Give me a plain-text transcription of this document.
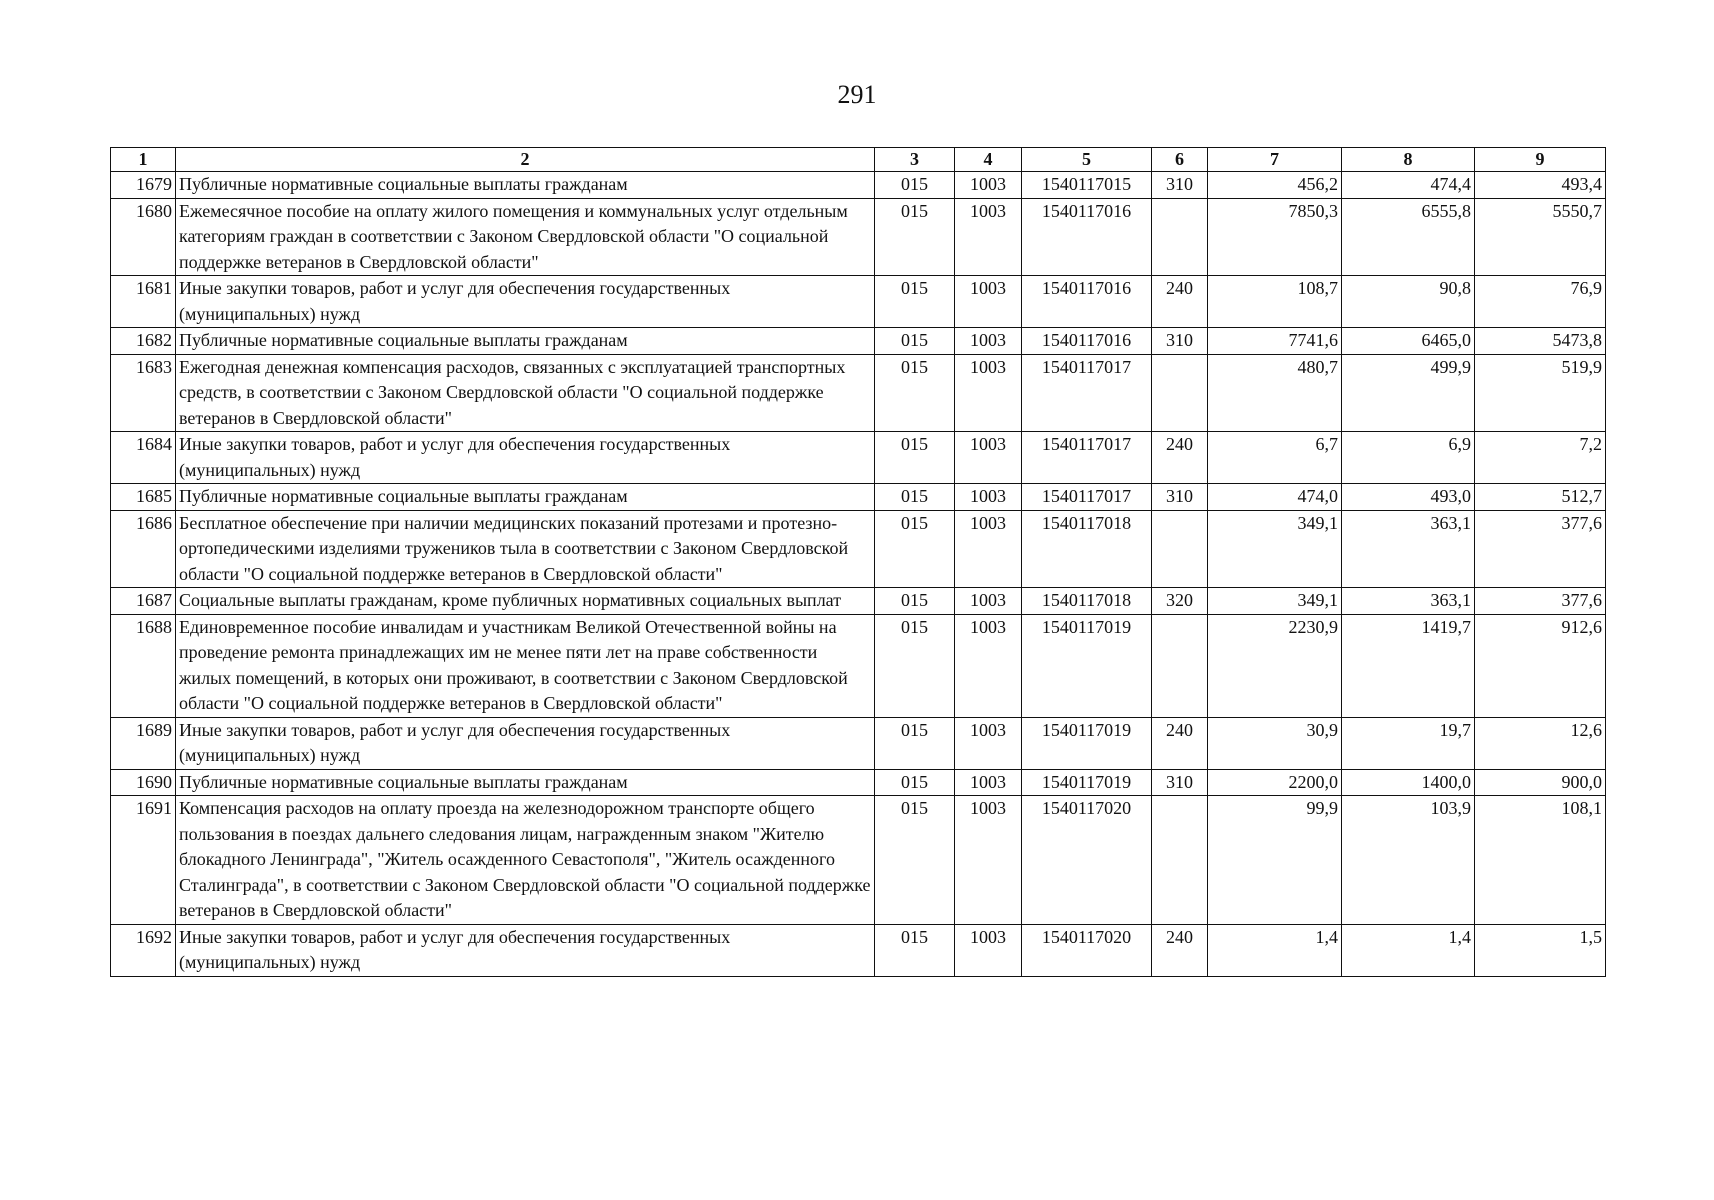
291
1	2	3	4	5	6	7	8	9
1679	Публичные нормативные социальные выплаты гражданам	015	1003	1540117015	310	456,2	474,4	493,4
1680	Ежемесячное пособие на оплату жилого помещения и коммунальных услуг отдельным категориям граждан в соответствии с Законом Свердловской области "О социальной поддержке ветеранов в Свердловской области"	015	1003	1540117016		7850,3	6555,8	5550,7
1681	Иные закупки товаров, работ и услуг для обеспечения государственных (муниципальных) нужд	015	1003	1540117016	240	108,7	90,8	76,9
1682	Публичные нормативные социальные выплаты гражданам	015	1003	1540117016	310	7741,6	6465,0	5473,8
1683	Ежегодная денежная компенсация расходов, связанных с эксплуатацией транспортных средств, в соответствии с Законом Свердловской области "О социальной поддержке ветеранов в Свердловской области"	015	1003	1540117017		480,7	499,9	519,9
1684	Иные закупки товаров, работ и услуг для обеспечения государственных (муниципальных) нужд	015	1003	1540117017	240	6,7	6,9	7,2
1685	Публичные нормативные социальные выплаты гражданам	015	1003	1540117017	310	474,0	493,0	512,7
1686	Бесплатное обеспечение при наличии медицинских показаний протезами и протезно-ортопедическими изделиями тружеников тыла в соответствии с Законом Свердловской области "О социальной поддержке ветеранов в Свердловской области"	015	1003	1540117018		349,1	363,1	377,6
1687	Социальные выплаты гражданам, кроме публичных нормативных социальных выплат	015	1003	1540117018	320	349,1	363,1	377,6
1688	Единовременное пособие инвалидам и участникам Великой Отечественной войны на проведение ремонта принадлежащих им не менее пяти лет на праве собственности жилых помещений, в которых они проживают, в соответствии с Законом Свердловской области "О социальной поддержке ветеранов в Свердловской области"	015	1003	1540117019		2230,9	1419,7	912,6
1689	Иные закупки товаров, работ и услуг для обеспечения государственных (муниципальных) нужд	015	1003	1540117019	240	30,9	19,7	12,6
1690	Публичные нормативные социальные выплаты гражданам	015	1003	1540117019	310	2200,0	1400,0	900,0
1691	Компенсация расходов на оплату проезда на железнодорожном транспорте общего пользования в поездах дальнего следования лицам, награжденным знаком "Жителю блокадного Ленинграда", "Житель осажденного Севастополя", "Житель осажденного Сталинграда", в соответствии с Законом Свердловской области "О социальной поддержке ветеранов в Свердловской области"	015	1003	1540117020		99,9	103,9	108,1
1692	Иные закупки товаров, работ и услуг для обеспечения государственных (муниципальных) нужд	015	1003	1540117020	240	1,4	1,4	1,5
